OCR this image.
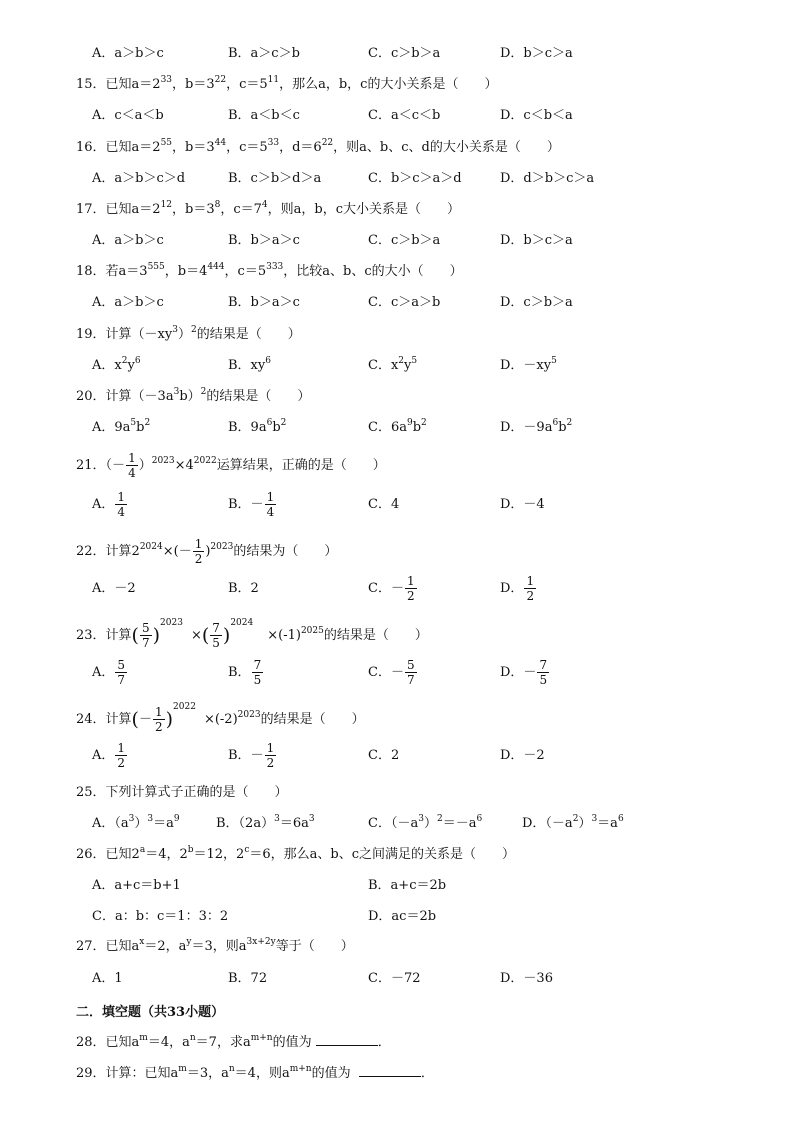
A．a＞b＞c	B．a＞c＞b	C．c＞b＞a	D．b＞c＞a
15．已知$a=2^{33}$，$b=3^{22}$，$c=5^{11}$，那么a，b，c的大小关系是（　　）
A．c＜a＜b	B．a＜b＜c	C．a＜c＜b	D．c＜b＜a
16．已知$a=2^{55}$，$b=3^{44}$，$c=5^{33}$，$d=6^{22}$，则a、b、c、d的大小关系是（　　）
A．a＞b＞c＞d	B．c＞b＞d＞a	C．b＞c＞a＞d	D．d＞b＞c＞a
17．已知$a=2^{12}$，$b=3^8$，$c=7^4$，则a，b，c大小关系是（　　）
A．a＞b＞c	B．b＞a＞c	C．c＞b＞a	D．b＞c＞a
18．若$a=3^{555}$，$b=4^{444}$，$c=5^{333}$，比较a、b、c的大小（　　）
A．a＞b＞c	B．b＞a＞c	C．c＞a＞b	D．c＞b＞a
19．计算$(-xy^3)^2$的结果是（　　）
A．$x^2y^6$	B．$xy^6$	C．$x^2y^5$	D．$-xy^5$
20．计算$(-3a^3b)^2$的结果是（　　）
A．$9a^5b^2$	B．$9a^6b^2$	C．$6a^9b^2$	D．$-9a^6b^2$
21．（－ $\frac{1}{4} )^{2023}\times 4^{2022}$运算结果，正确的是（　　）
A． $\frac{1}{4}$	B．－ $\frac{1}{4}$	C．4	D．－4
22．计算$2^{2024}\times(- \frac{1}{2} )^{2023}$的结果为（　　）
A．－2	B．2	C．－ $\frac{1}{2}$	D． $\frac{1}{2}$
23．计算( $\frac{5}{7} )^{2023}\times( \frac{7}{5} )^{2024}\times(-1)^{2025}$的结果是（　　）
A． $\frac{5}{7}$	B． $\frac{7}{5}$	C．－ $\frac{5}{7}$	D．－ $\frac{7}{5}$
24．计算(－ $\frac{1}{2} )^{2022}\times(-2)^{2023}$的结果是（　　）
A． $\frac{1}{2}$	B．－ $\frac{1}{2}$	C．2	D．－2
25．下列计算式子正确的是（　　）
A．$(a^3)^3=a^9$	B．$(2a)^3=6a^3$	C．$(-a^3)^2=-a^6$	D．$(-a^2)^3=a^6$
26．已知$2^a=4$，$2^b=12$，$2^c=6$，那么a、b、c之间满足的关系是（　　）
A．a+c＝b+1	B．a+c＝2b
C．a：b：c＝1：3：2	D．ac＝2b
27．已知$a^x=2$，$a^y=3$，则$a^{3x+2y}$等于（　　）
A．1	B．72	C．－72	D．－36
二．填空题（共33小题）
28．已知$a^m=4$，$a^n=7$，求$a^{m+n}$的值为	．
29．计算：已知$a^m=3$，$a^n=4$，则$a^{m+n}$的值为	．
